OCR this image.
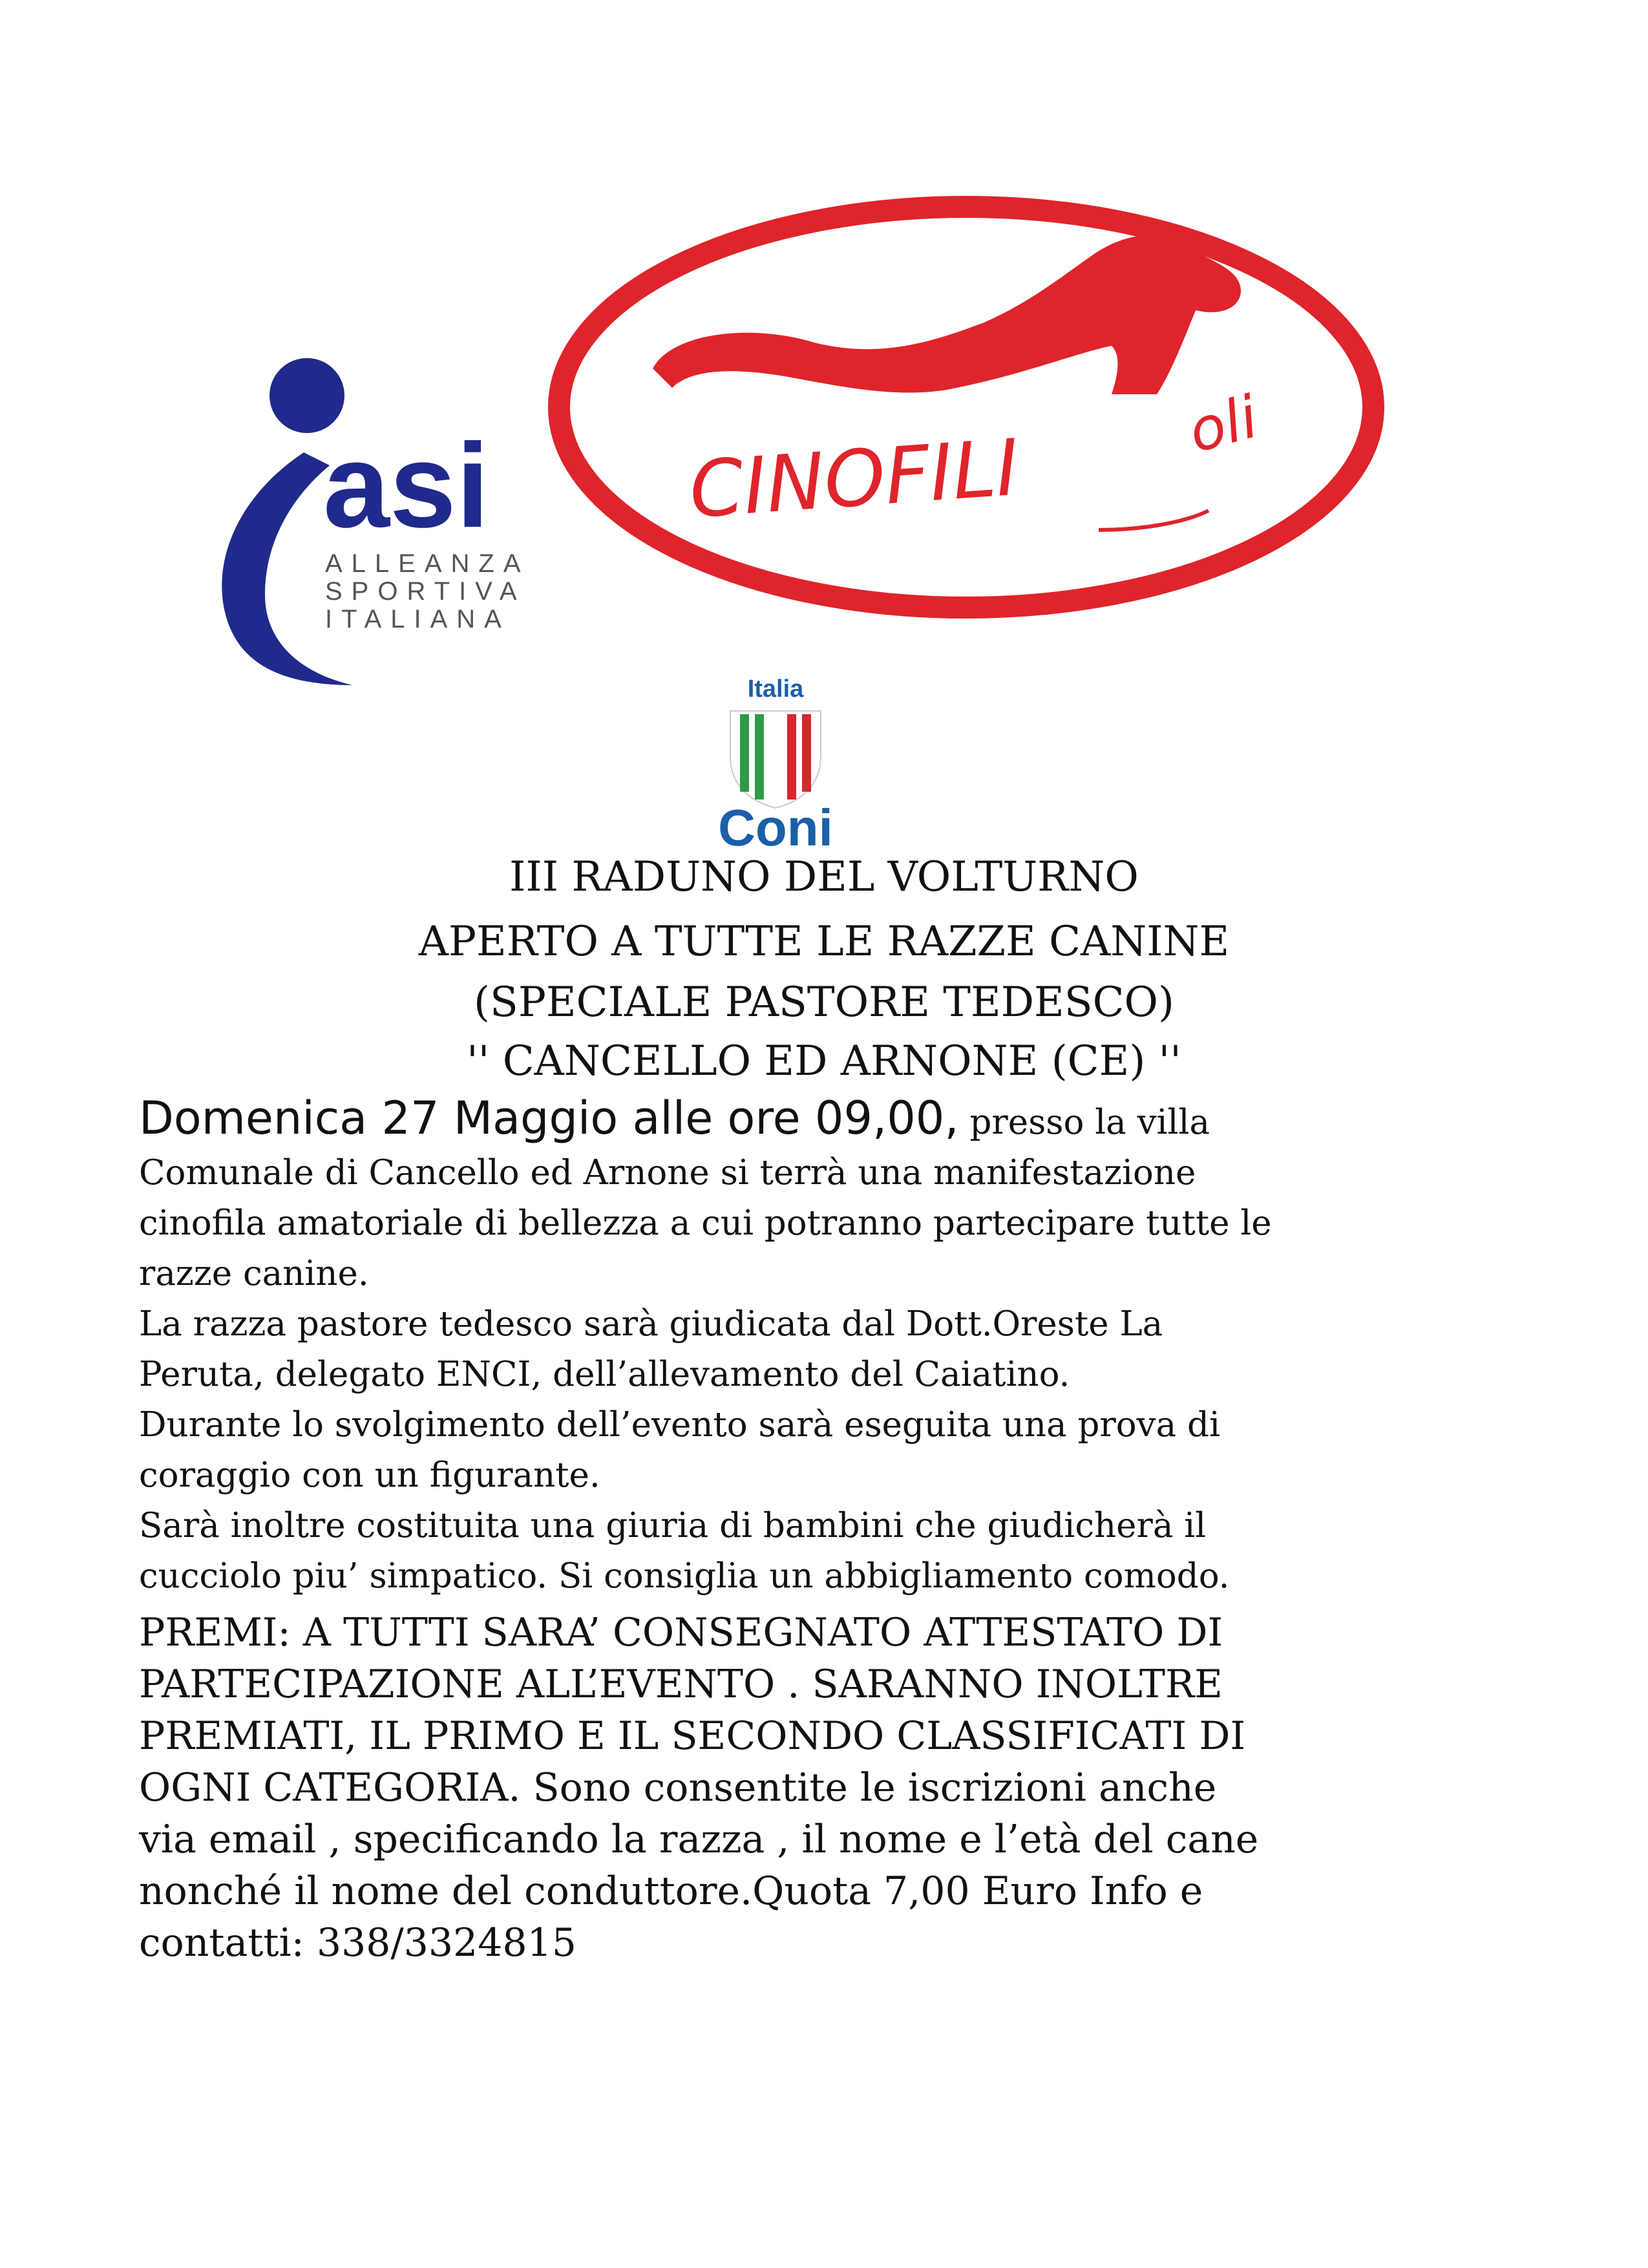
asi
ALLEANZA
SPORTIVA
ITALIANA
CINOFILI	oli
Italia
Coni
III RADUNO DEL VOLTURNO
APERTO A TUTTE LE RAZZE CANINE
(SPECIALE PASTORE TEDESCO)
'' CANCELLO ED ARNONE (CE) ''
Domenica 27 Maggio alle ore 09,00, presso la villa
Comunale di Cancello ed Arnone si terrà una manifestazione
cinofila amatoriale di bellezza a cui potranno partecipare tutte le
razze canine.
La razza pastore tedesco sarà giudicata dal Dott.Oreste La
Peruta, delegato ENCI, dell’allevamento del Caiatino.
Durante lo svolgimento dell’evento sarà eseguita una prova di
coraggio con un figurante.
Sarà inoltre costituita una giuria di bambini che giudicherà il
cucciolo piu’ simpatico. Si consiglia un abbigliamento comodo.
PREMI: A TUTTI SARA’ CONSEGNATO ATTESTATO DI
PARTECIPAZIONE ALL’EVENTO . SARANNO INOLTRE
PREMIATI, IL PRIMO E IL SECONDO CLASSIFICATI DI
OGNI CATEGORIA. Sono consentite le iscrizioni anche
via email , specificando la razza , il nome e l’età del cane
nonché il nome del conduttore.Quota 7,00 Euro Info e
contatti: 338/3324815
